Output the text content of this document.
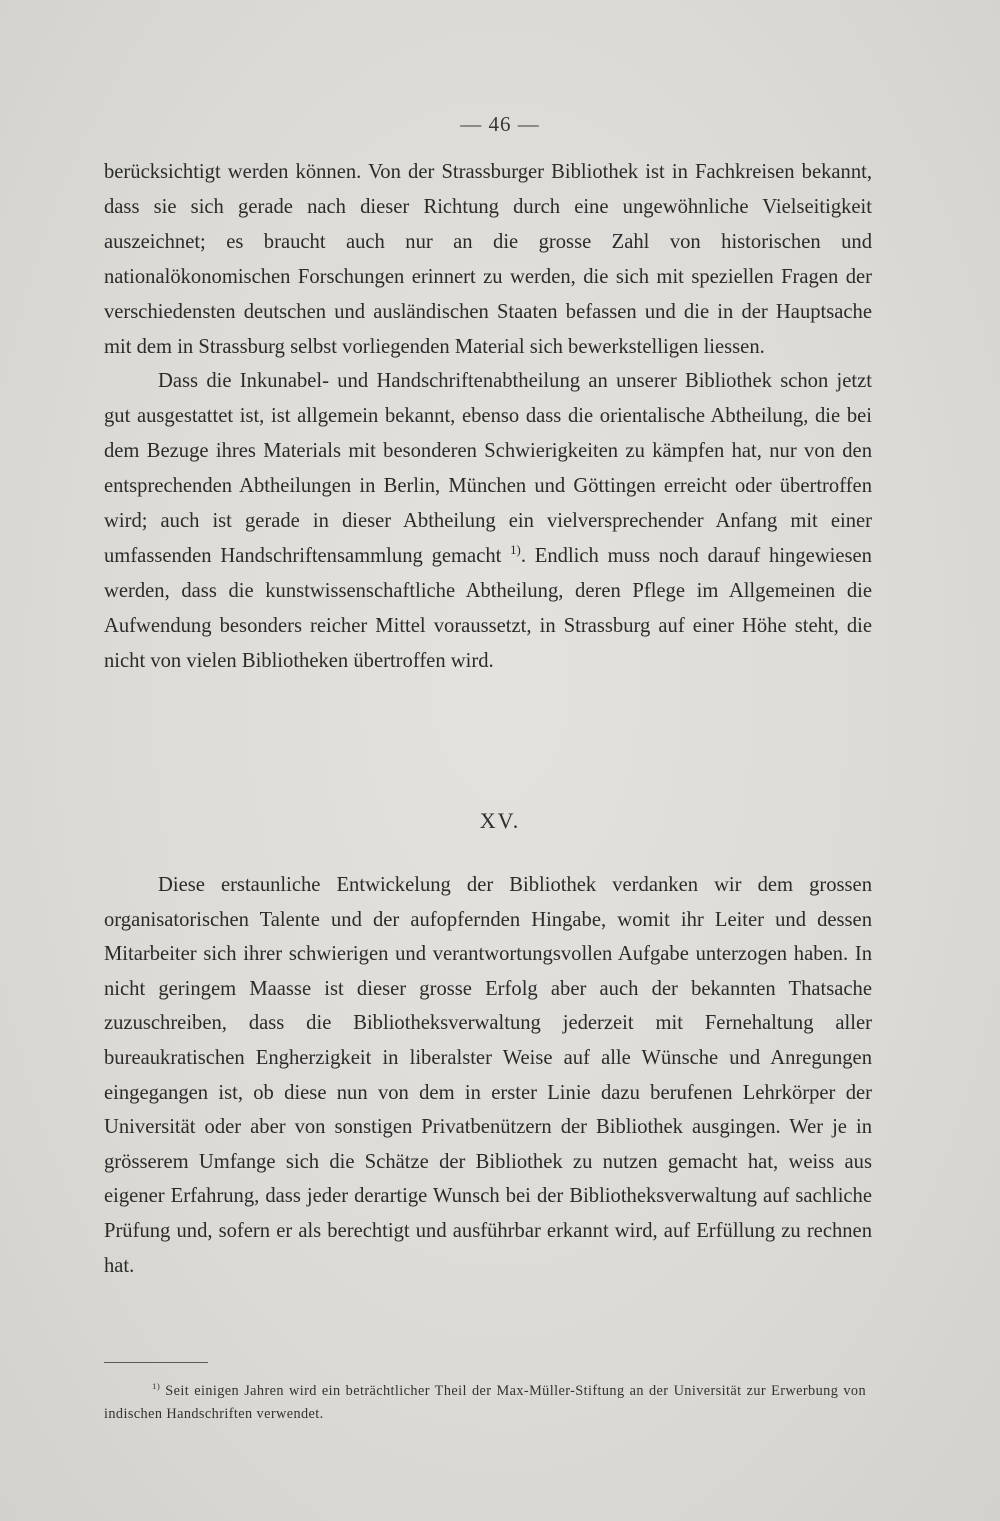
— 46 —

berücksichtigt werden können. Von der Strassburger Bibliothek ist in Fachkreisen bekannt, dass sie sich gerade nach dieser Richtung durch eine ungewöhnliche Vielseitigkeit auszeichnet; es braucht auch nur an die grosse Zahl von historischen und nationalökonomischen Forschungen erinnert zu werden, die sich mit speziellen Fragen der verschiedensten deutschen und ausländischen Staaten befassen und die in der Hauptsache mit dem in Strassburg selbst vorliegenden Material sich bewerkstelligen liessen.

Dass die Inkunabel- und Handschriftenabtheilung an unserer Bibliothek schon jetzt gut ausgestattet ist, ist allgemein bekannt, ebenso dass die orientalische Abtheilung, die bei dem Bezuge ihres Materials mit besonderen Schwierigkeiten zu kämpfen hat, nur von den entsprechenden Abtheilungen in Berlin, München und Göttingen erreicht oder übertroffen wird; auch ist gerade in dieser Abtheilung ein vielversprechender Anfang mit einer umfassenden Handschriftensammlung gemacht $^{1)}$. Endlich muss noch darauf hingewiesen werden, dass die kunstwissenschaftliche Abtheilung, deren Pflege im Allgemeinen die Aufwendung besonders reicher Mittel voraussetzt, in Strassburg auf einer Höhe steht, die nicht von vielen Bibliotheken übertroffen wird.

XV.

Diese erstaunliche Entwickelung der Bibliothek verdanken wir dem grossen organisatorischen Talente und der aufopfernden Hingabe, womit ihr Leiter und dessen Mitarbeiter sich ihrer schwierigen und verantwortungsvollen Aufgabe unterzogen haben. In nicht geringem Maasse ist dieser grosse Erfolg aber auch der bekannten Thatsache zuzuschreiben, dass die Bibliotheksverwaltung jederzeit mit Fernehaltung aller bureaukratischen Engherzigkeit in liberalster Weise auf alle Wünsche und Anregungen eingegangen ist, ob diese nun von dem in erster Linie dazu berufenen Lehrkörper der Universität oder aber von sonstigen Privatbenützern der Bibliothek ausgingen. Wer je in grösserem Umfange sich die Schätze der Bibliothek zu nutzen gemacht hat, weiss aus eigener Erfahrung, dass jeder derartige Wunsch bei der Bibliotheksverwaltung auf sachliche Prüfung und, sofern er als berechtigt und ausführbar erkannt wird, auf Erfüllung zu rechnen hat.

$^{1)}$ Seit einigen Jahren wird ein beträchtlicher Theil der Max-Müller-Stiftung an der Universität zur Erwerbung von indischen Handschriften verwendet.
